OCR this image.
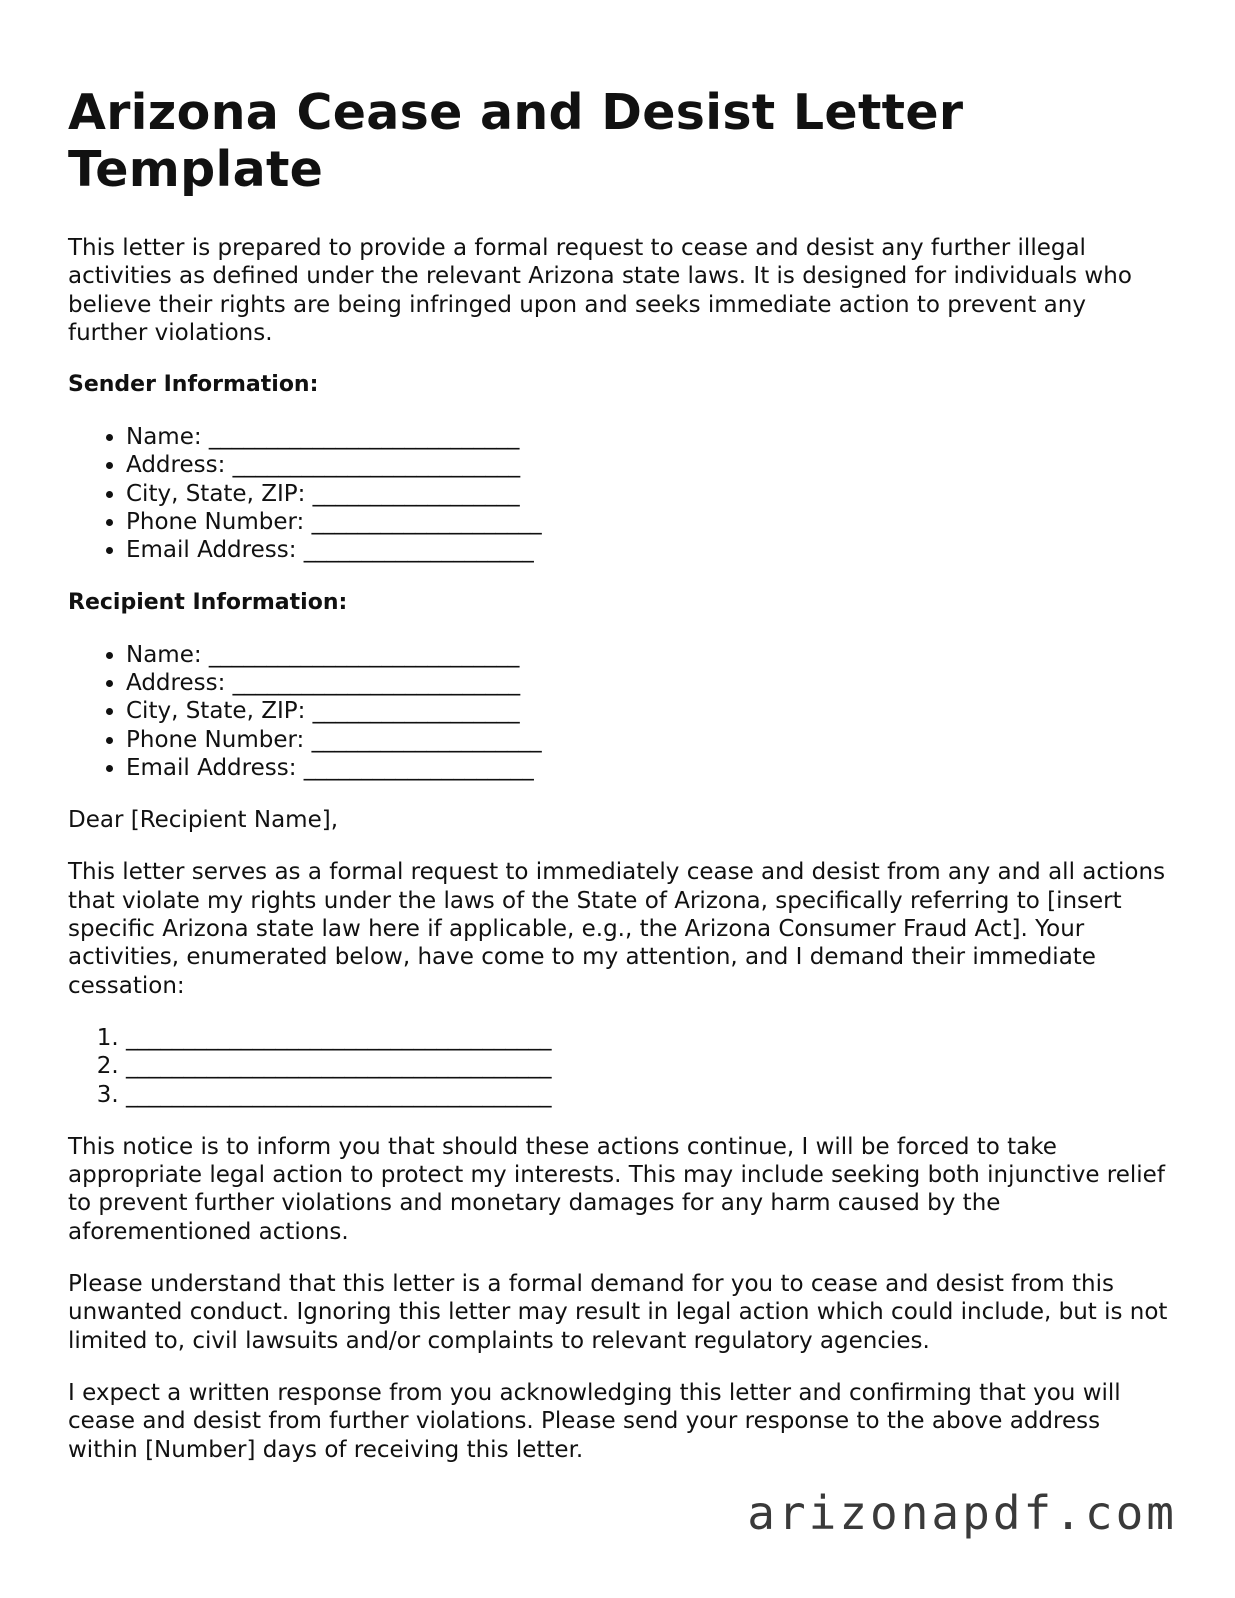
Arizona Cease and Desist Letter Template

This letter is prepared to provide a formal request to cease and desist any further illegal activities as defined under the relevant Arizona state laws. It is designed for individuals who believe their rights are being infringed upon and seeks immediate action to prevent any further violations.

Sender Information:
• Name: ___________________________
• Address: _________________________
• City, State, ZIP: __________________
• Phone Number: ____________________
• Email Address: ____________________
Recipient Information:
• Name: ___________________________
• Address: _________________________
• City, State, ZIP: __________________
• Phone Number: ____________________
• Email Address: ____________________

Dear [Recipient Name],

This letter serves as a formal request to immediately cease and desist from any and all actions that violate my rights under the laws of the State of Arizona, specifically referring to [insert specific Arizona state law here if applicable, e.g., the Arizona Consumer Fraud Act]. Your activities, enumerated below, have come to my attention, and I demand their immediate cessation:

1. _____________________________________
2. _____________________________________
3. _____________________________________

This notice is to inform you that should these actions continue, I will be forced to take appropriate legal action to protect my interests. This may include seeking both injunctive relief to prevent further violations and monetary damages for any harm caused by the aforementioned actions.

Please understand that this letter is a formal demand for you to cease and desist from this unwanted conduct. Ignoring this letter may result in legal action which could include, but is not limited to, civil lawsuits and/or complaints to relevant regulatory agencies.

I expect a written response from you acknowledging this letter and confirming that you will cease and desist from further violations. Please send your response to the above address within [Number] days of receiving this letter.

arizonapdf.com
